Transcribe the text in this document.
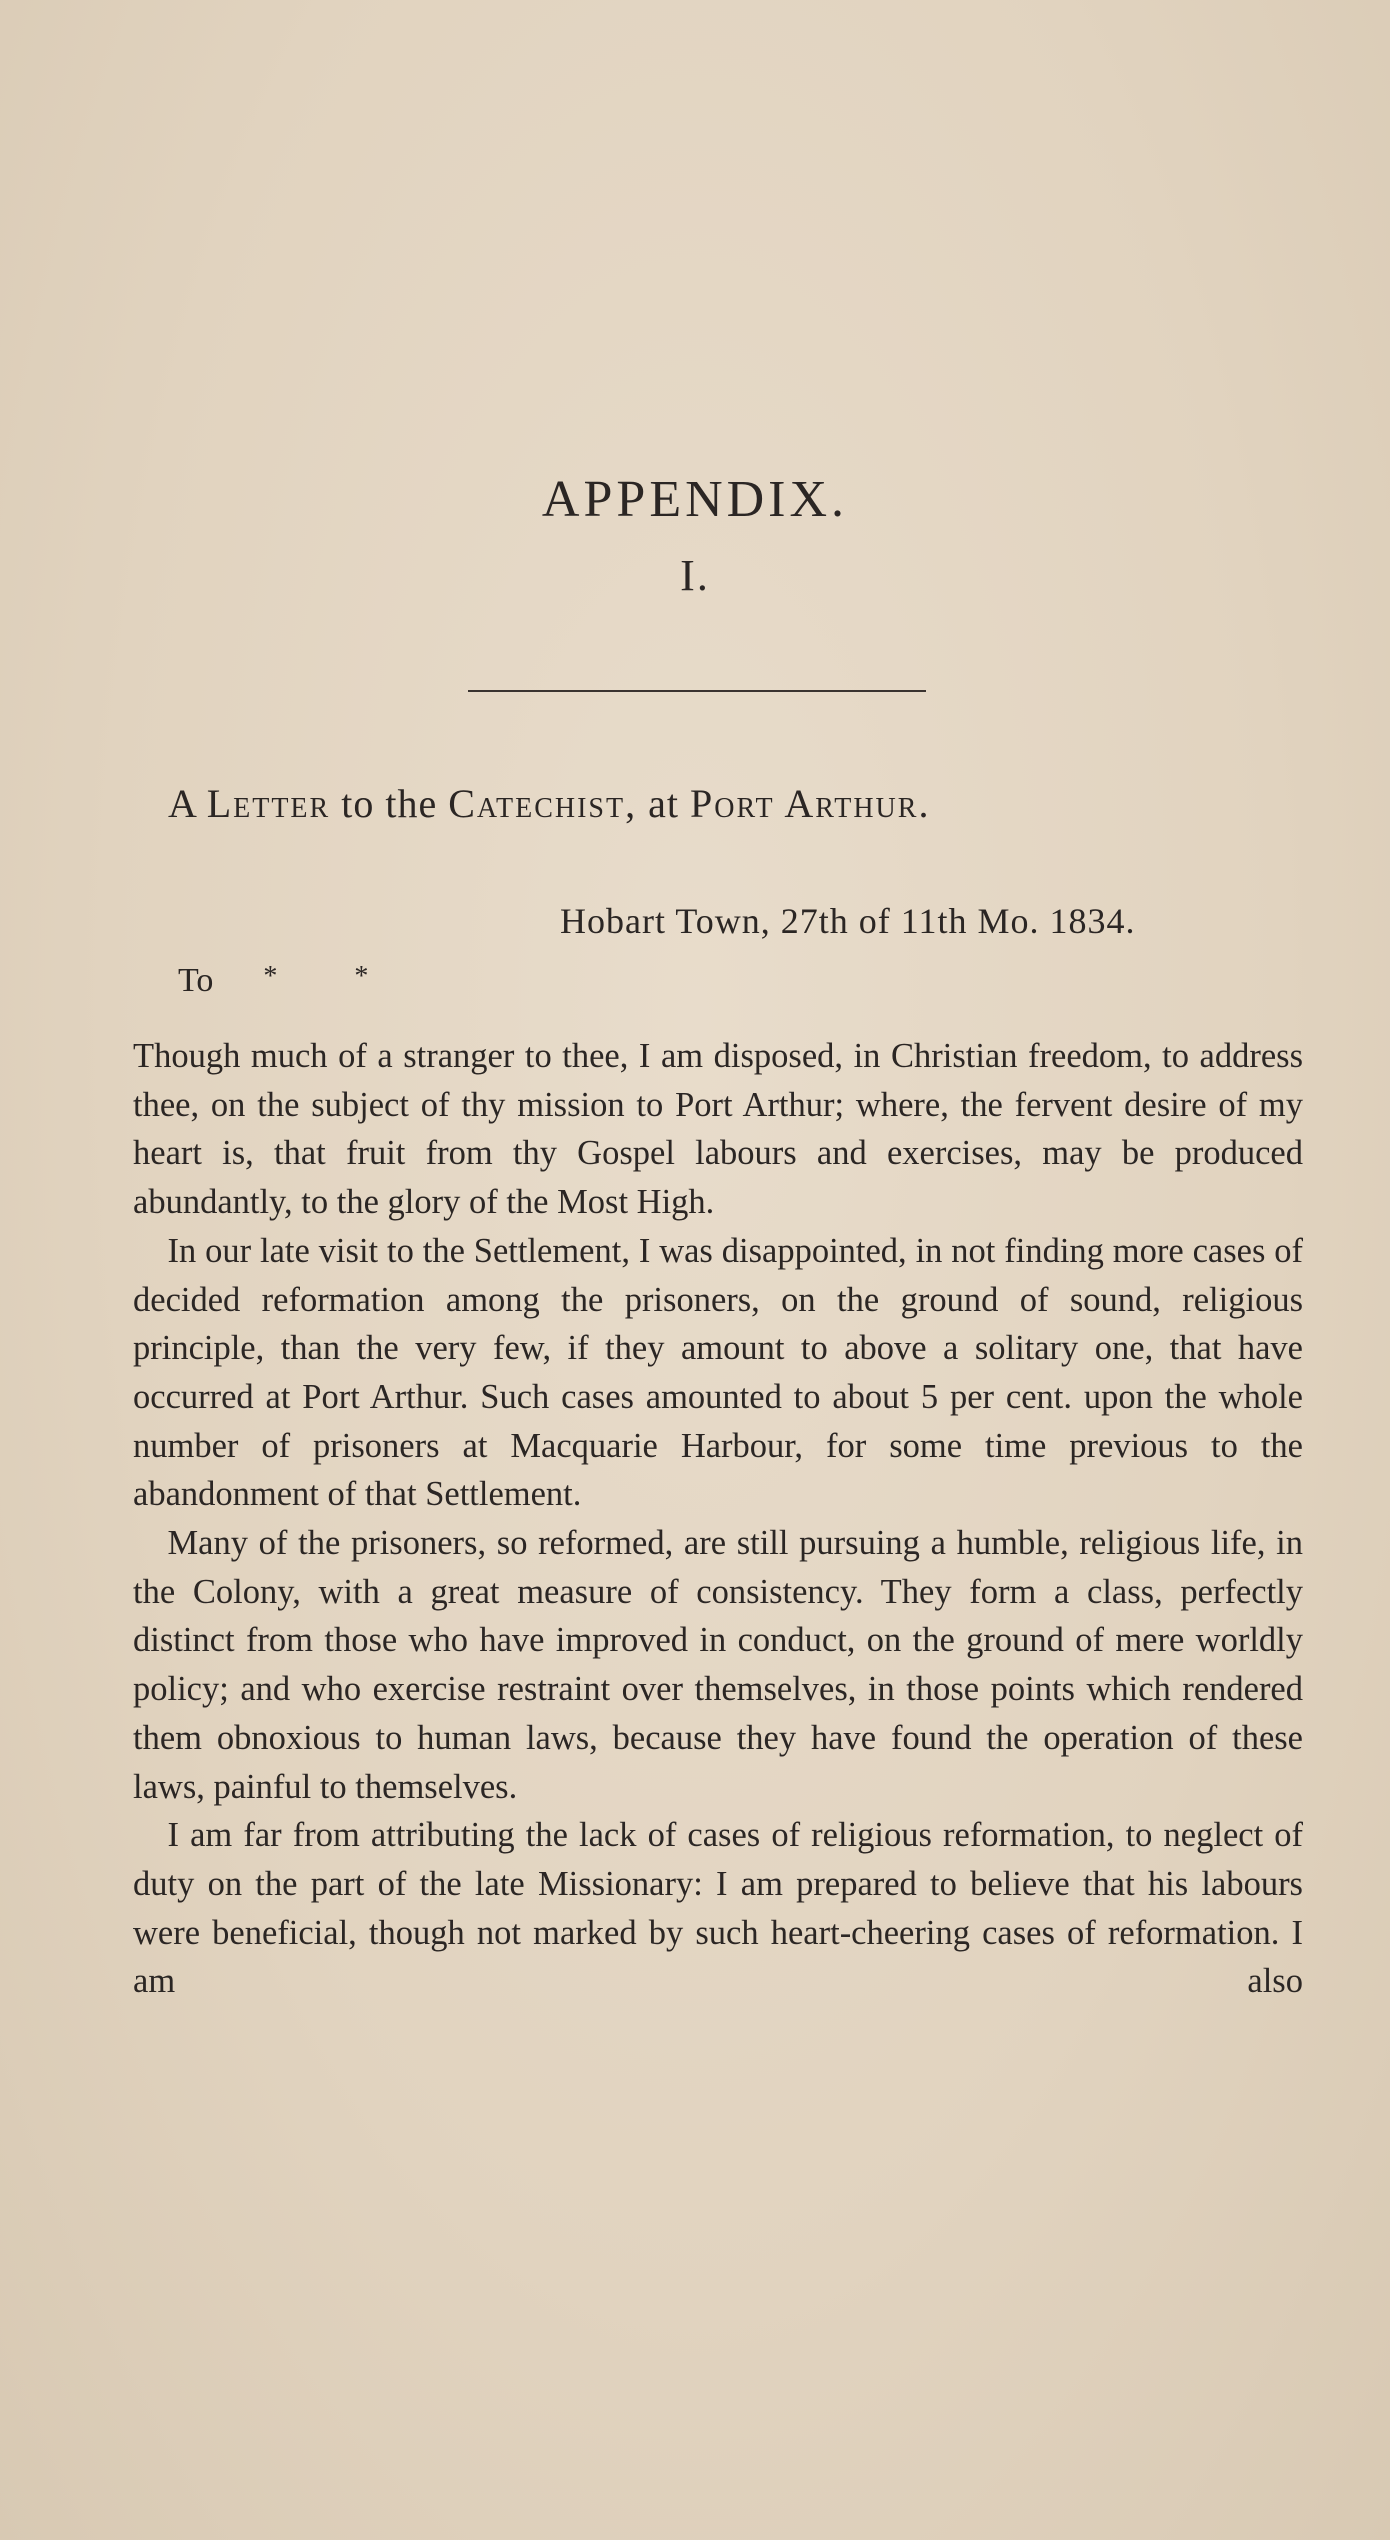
APPENDIX.
I.
A Letter to the Catechist, at Port Arthur.
Hobart Town, 27th of 11th Mo. 1834.
To * *

Though much of a stranger to thee, I am disposed, in Christian freedom, to address thee, on the subject of thy mission to Port Arthur; where, the fervent desire of my heart is, that fruit from thy Gospel labours and exercises, may be produced abundantly, to the glory of the Most High.

In our late visit to the Settlement, I was disappointed, in not finding more cases of decided reformation among the prisoners, on the ground of sound, religious principle, than the very few, if they amount to above a solitary one, that have occurred at Port Arthur. Such cases amounted to about 5 per cent. upon the whole number of prisoners at Macquarie Harbour, for some time previous to the abandonment of that Settlement.

Many of the prisoners, so reformed, are still pursuing a humble, religious life, in the Colony, with a great measure of consistency. They form a class, perfectly distinct from those who have improved in conduct, on the ground of mere worldly policy; and who exercise restraint over themselves, in those points which rendered them obnoxious to human laws, because they have found the operation of these laws, painful to themselves.

I am far from attributing the lack of cases of religious reformation, to neglect of duty on the part of the late Missionary: I am prepared to believe that his labours were beneficial, though not marked by such heart-cheering cases of reformation. I am also
